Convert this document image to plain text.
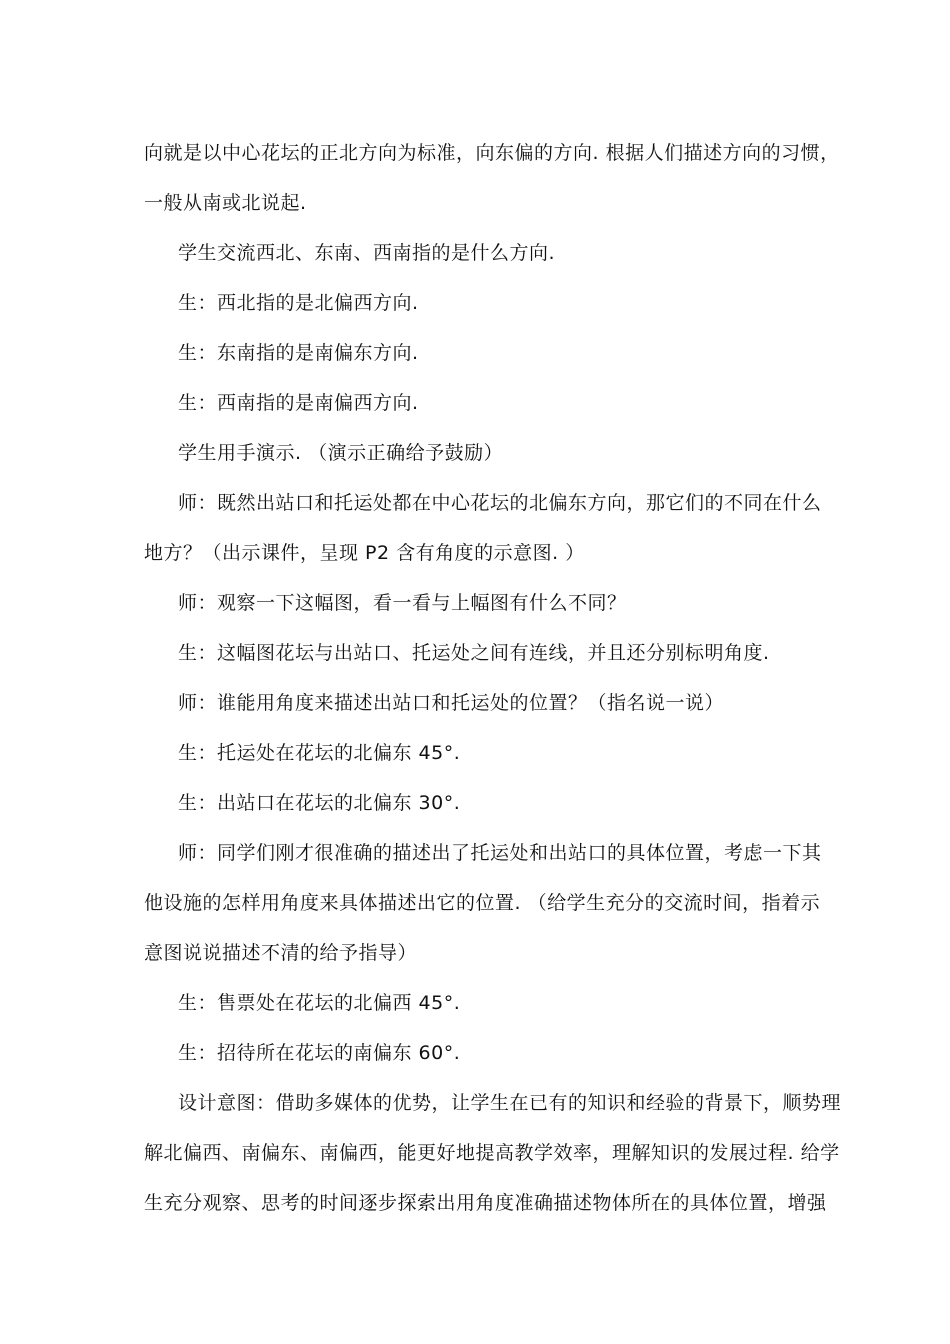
向就是以中心花坛的正北方向为标准，向东偏的方向. 根据人们描述方向的习惯，

一般从南或北说起.

学生交流西北、东南、西南指的是什么方向.

生：西北指的是北偏西方向.

生：东南指的是南偏东方向.

生：西南指的是南偏西方向.

学生用手演示. （演示正确给予鼓励）

师：既然出站口和托运处都在中心花坛的北偏东方向，那它们的不同在什么

地方？（出示课件，呈现 P2 含有角度的示意图. ）

师：观察一下这幅图，看一看与上幅图有什么不同？

生：这幅图花坛与出站口、托运处之间有连线，并且还分别标明角度.

师：谁能用角度来描述出站口和托运处的位置？（指名说一说）

生：托运处在花坛的北偏东 45°.

生：出站口在花坛的北偏东 30°.

师：同学们刚才很准确的描述出了托运处和出站口的具体位置，考虑一下其

他设施的怎样用角度来具体描述出它的位置. （给学生充分的交流时间，指着示

意图说说描述不清的给予指导）

生：售票处在花坛的北偏西 45°.

生：招待所在花坛的南偏东 60°.

设计意图：借助多媒体的优势，让学生在已有的知识和经验的背景下，顺势理

解北偏西、南偏东、南偏西，能更好地提高教学效率，理解知识的发展过程. 给学

生充分观察、思考的时间逐步探索出用角度准确描述物体所在的具体位置，增强
